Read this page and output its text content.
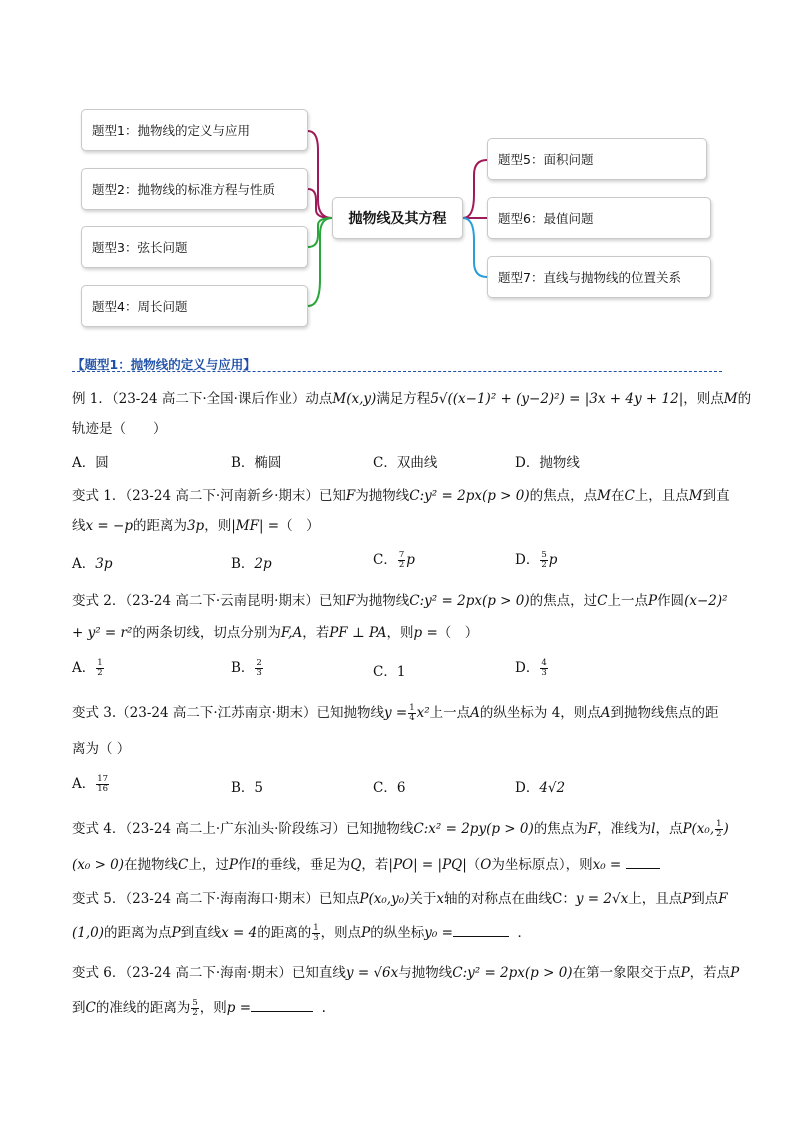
题型1：抛物线的定义与应用
题型2：抛物线的标准方程与性质
题型3：弦长问题
题型4：周长问题
抛物线及其方程
题型5：面积问题
题型6：最值问题
题型7：直线与抛物线的位置关系
【题型1：抛物线的定义与应用】
例 1．（23-24 高二下·全国·课后作业）动点M(x,y)满足方程5√((x−1)² + (y−2)²) = |3x + 4y + 12|，则点M的
轨迹是（　　）
A．圆	B．椭圆	C．双曲线	D．抛物线
变式 1．（23-24 高二下·河南新乡·期末）已知F为抛物线C:y² = 2px(p > 0)的焦点，点M在C上，且点M到直
线x = −p的距离为3p，则|MF| =（　）
A．3p	B．2p	C． $\frac{7}{2}$ p	D． $\frac{5}{2}$ p
变式 2．（23-24 高二下·云南昆明·期末）已知F为抛物线C:y² = 2px(p > 0)的焦点，过C上一点P作圆(x−2)²
+ y² = r²的两条切线，切点分别为F,A，若PF ⊥ PA，则p =（　）
A． $\frac{1}{2}$	B． $\frac{2}{3}$	C．1	D． $\frac{4}{3}$
变式 3.（23-24 高二下·江苏南京·期末）已知抛物线$y = \frac{1}{4} x^2$上一点A的纵坐标为 4，则点A到抛物线焦点的距
离为（ ）
A． $\frac{17}{16}$	B．5	C．6	D．4√2
变式 4．（23-24 高二上·广东汕头·阶段练习）已知抛物线C:x² = 2py(p > 0)的焦点为F，准线为l，点P(x₀, $\frac{1}{2}$ )
(x₀ > 0)在抛物线C上，过P作l的垂线，垂足为Q，若|PO| = |PQ|（O为坐标原点），则x₀ =
变式 5．（23-24 高二下·海南海口·期末）已知点P(x₀,y₀)关于x轴的对称点在曲线C：y = 2√x上，且点P到点F
(1,0)的距离为点P到直线x = 4的距离的 $\frac{1}{3}$ ，则点P的纵坐标y₀ =	．
变式 6．（23-24 高二下·海南·期末）已知直线y = √6x与抛物线C:y² = 2px(p > 0)在第一象限交于点P，若点P
到C的准线的距离为 $\frac{5}{2}$ ，则p =	.
